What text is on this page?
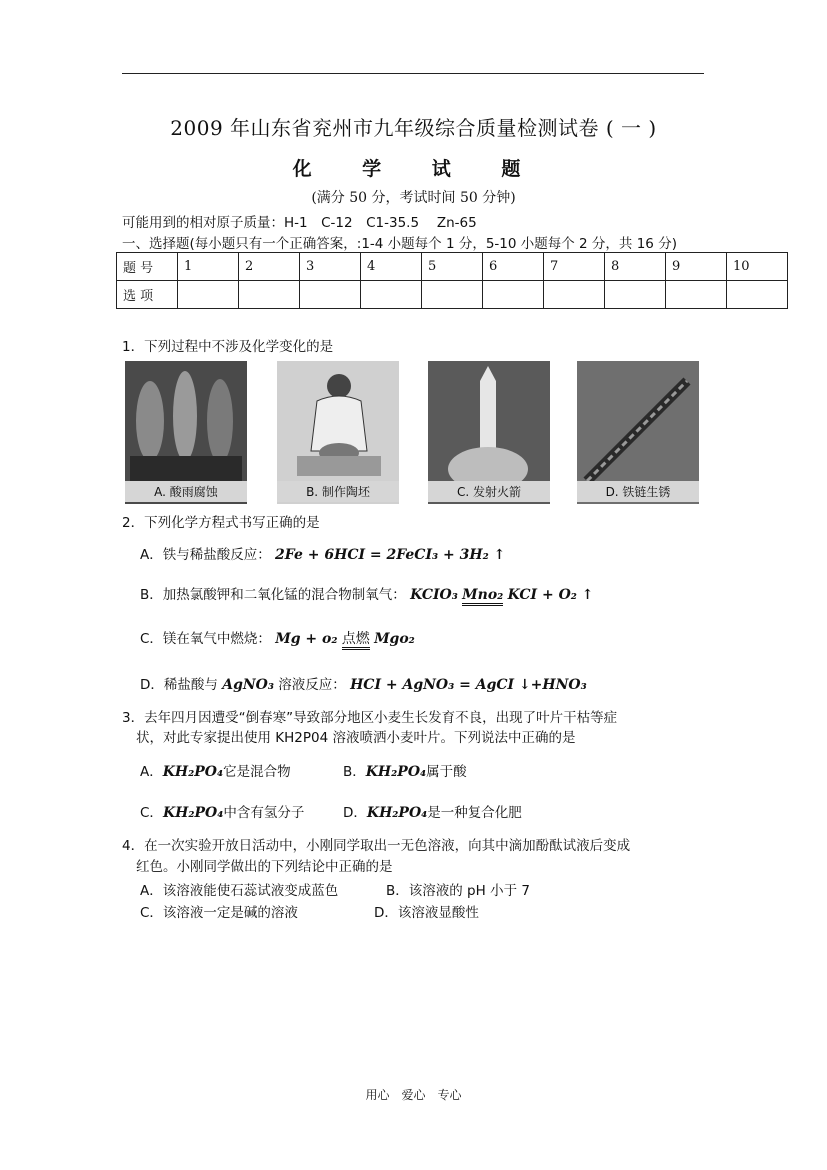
2009 年山东省兖州市九年级综合质量检测试卷 ( 一 )
化 学 试 题
(满分 50 分，考试时间 50 分钟)
可能用到的相对原子质量：H-1　C-12　C1-35.5　 Zn-65
一、选择题(每小题只有一个正确答案，:1-4 小题每个 1 分，5-10 小题每个 2 分，共 16 分)
题 号	1	2	3	4	5	6	7	8	9	10
选 项										
1．下列过程中不涉及化学变化的是
A. 酸雨腐蚀	B. 制作陶坯	C. 发射火箭	D. 铁链生锈
2．下列化学方程式书写正确的是
A．铁与稀盐酸反应： 2Fe + 6HCI = 2FeCI₃ + 3H₂ ↑
B．加热氯酸钾和二氧化锰的混合物制氧气： KCIO₃ Mno₂ KCI + O₂ ↑
C．镁在氧气中燃烧： Mg + o₂ 点燃 Mgo₂
D．稀盐酸与 AgNO₃ 溶液反应： HCI + AgNO₃ = AgCI ↓+HNO₃
3．去年四月因遭受“倒春寒”导致部分地区小麦生长发育不良，出现了叶片干枯等症
状，对此专家提出使用 KH2P04 溶液喷洒小麦叶片。下列说法中正确的是
A．KH₂PO₄它是混合物	B．KH₂PO₄属于酸
C．KH₂PO₄中含有氢分子	D．KH₂PO₄是一种复合化肥
4．在一次实验开放日活动中，小刚同学取出一无色溶液，向其中滴加酚酞试液后变成
红色。小刚同学做出的下列结论中正确的是
A．该溶液能使石蕊试液变成蓝色	B．该溶液的 pH 小于 7
C．该溶液一定是碱的溶液	D．该溶液显酸性
用心　爱心　专心
